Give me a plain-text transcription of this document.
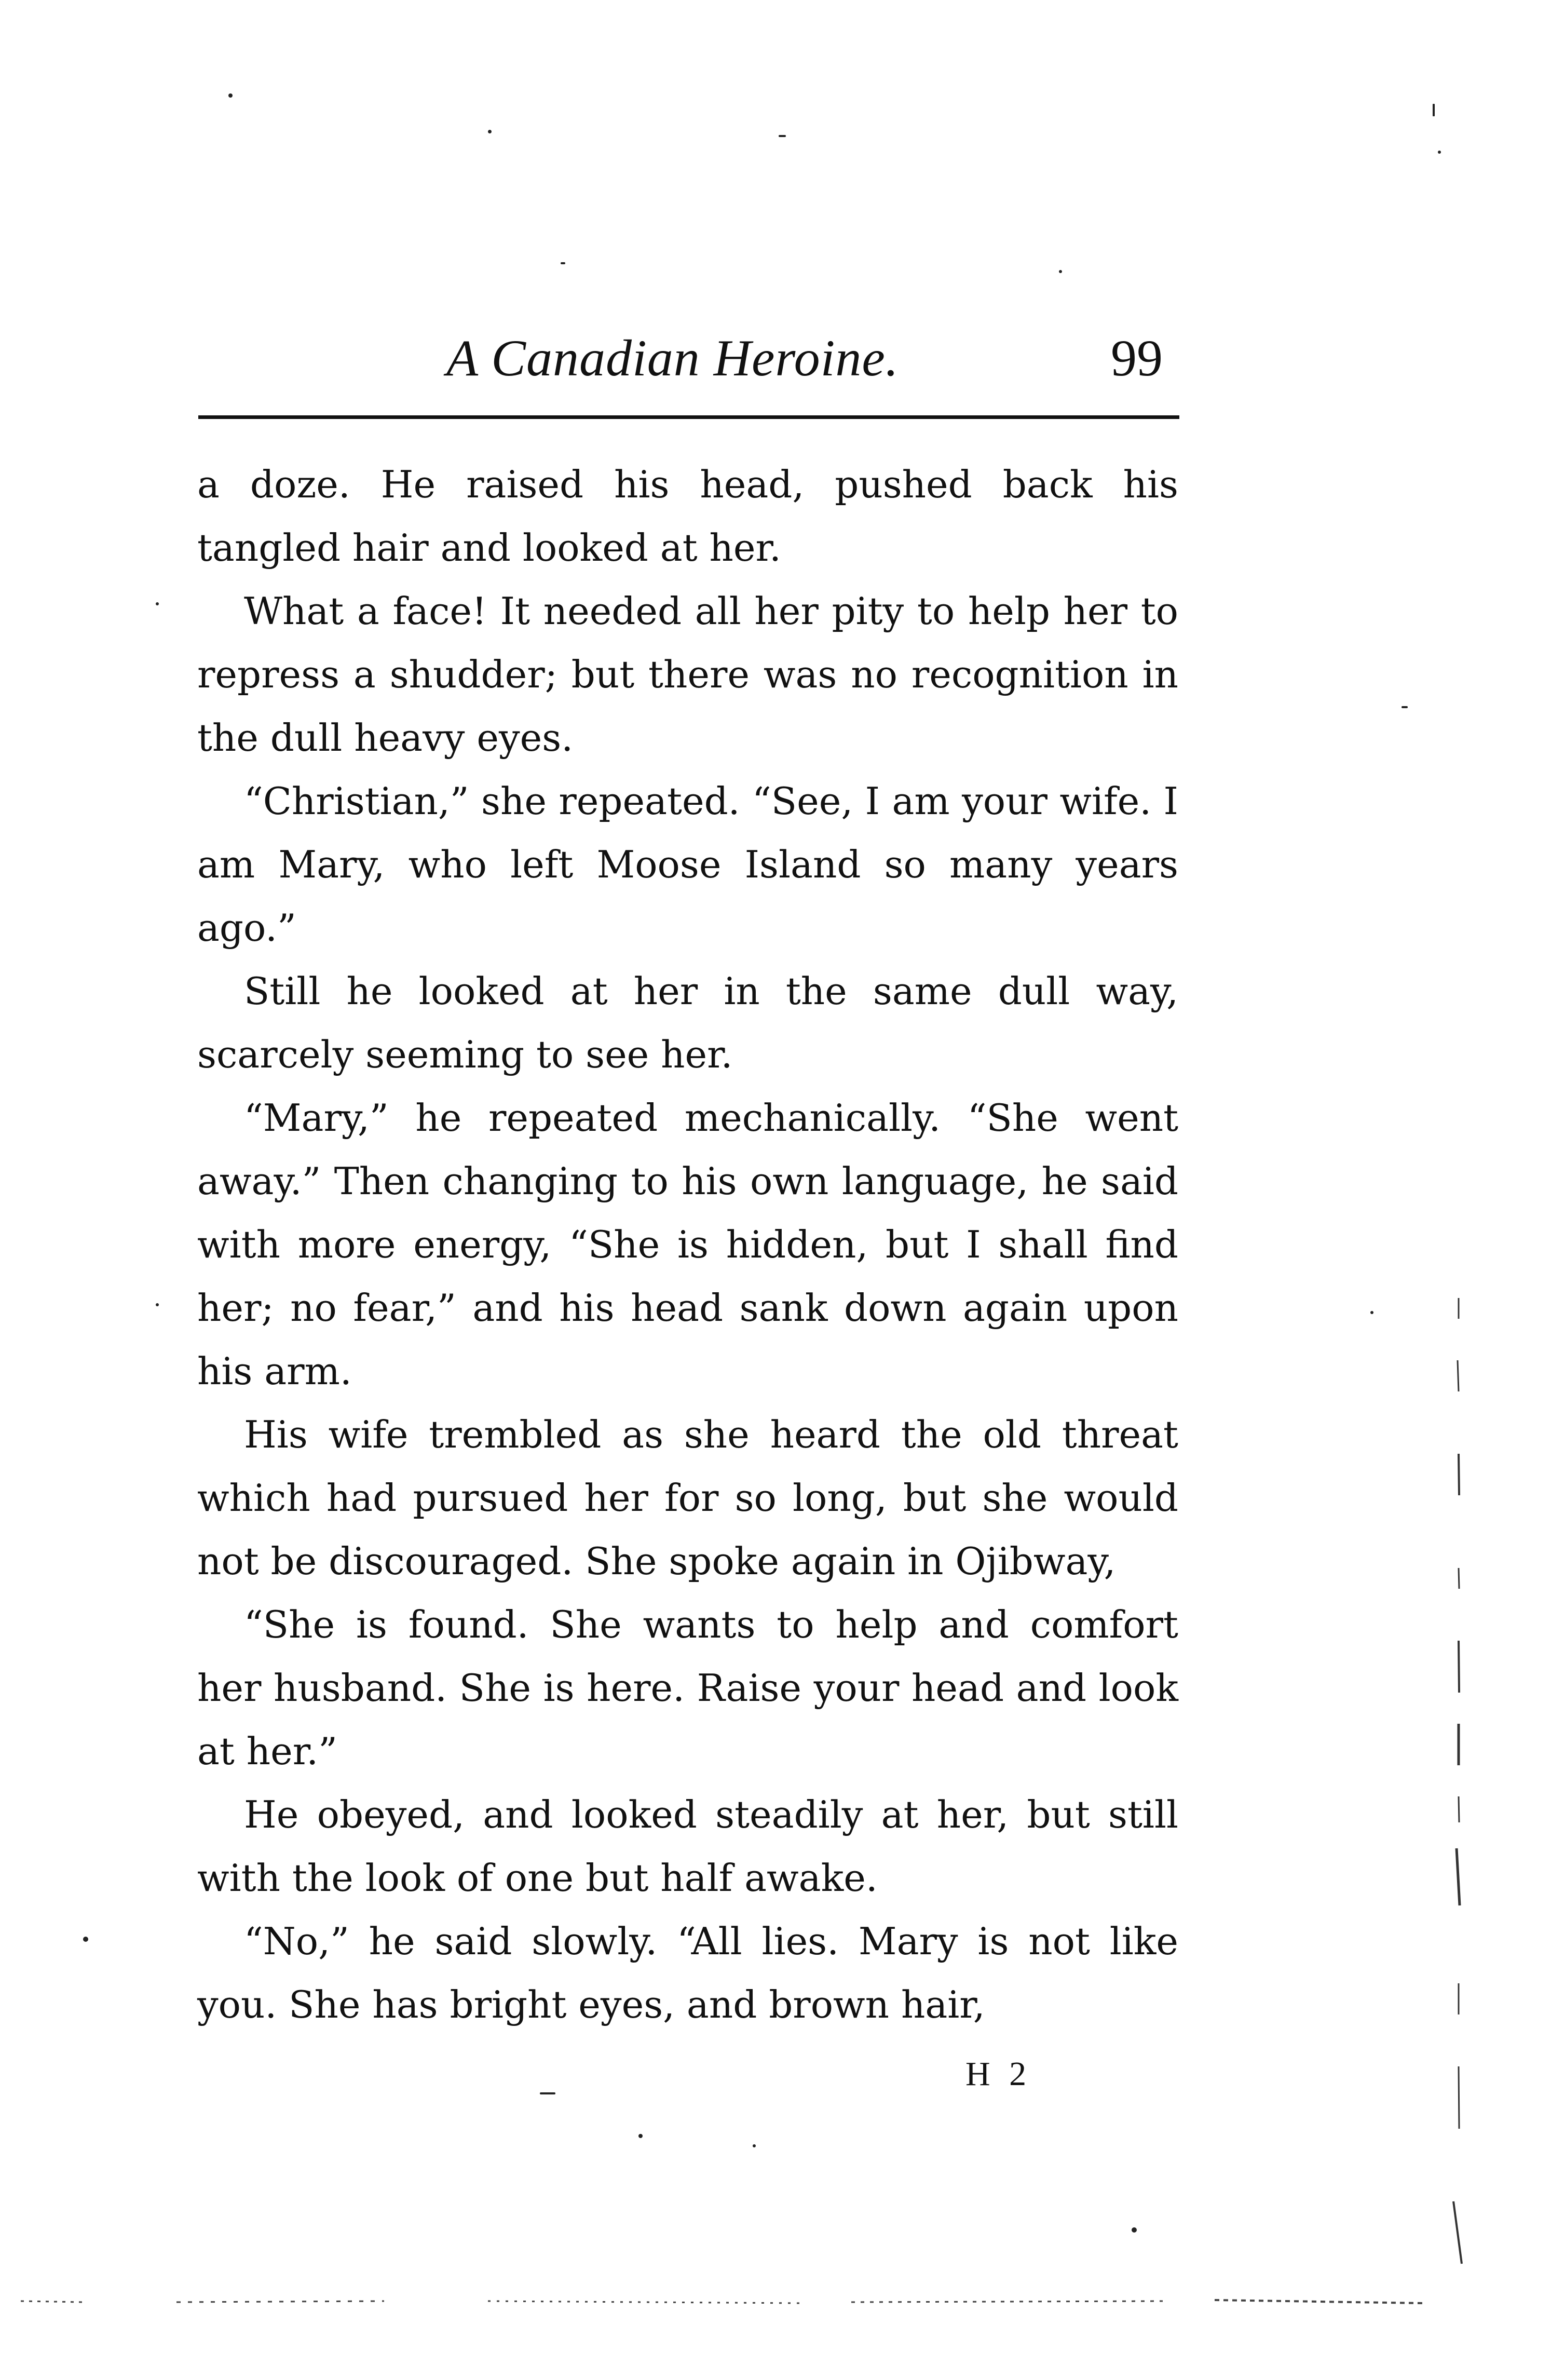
A Canadian Heroine.	99

a doze. He raised his head, pushed back his tangled hair and looked at her.

What a face! It needed all her pity to help her to repress a shudder; but there was no recognition in the dull heavy eyes.

“Christian,” she repeated. “See, I am your wife. I am Mary, who left Moose Island so many years ago.”

Still he looked at her in the same dull way, scarcely seeming to see her.

“Mary,” he repeated mechanically. “She went away.” Then changing to his own language, he said with more energy, “She is hidden, but I shall find her; no fear,” and his head sank down again upon his arm.

His wife trembled as she heard the old threat which had pursued her for so long, but she would not be discouraged. She spoke again in Ojibway,

“She is found. She wants to help and comfort her husband. She is here. Raise your head and look at her.”

He obeyed, and looked steadily at her, but still with the look of one but half awake.

“No,” he said slowly. “All lies. Mary is not like you. She has bright eyes, and brown hair,

H 2
